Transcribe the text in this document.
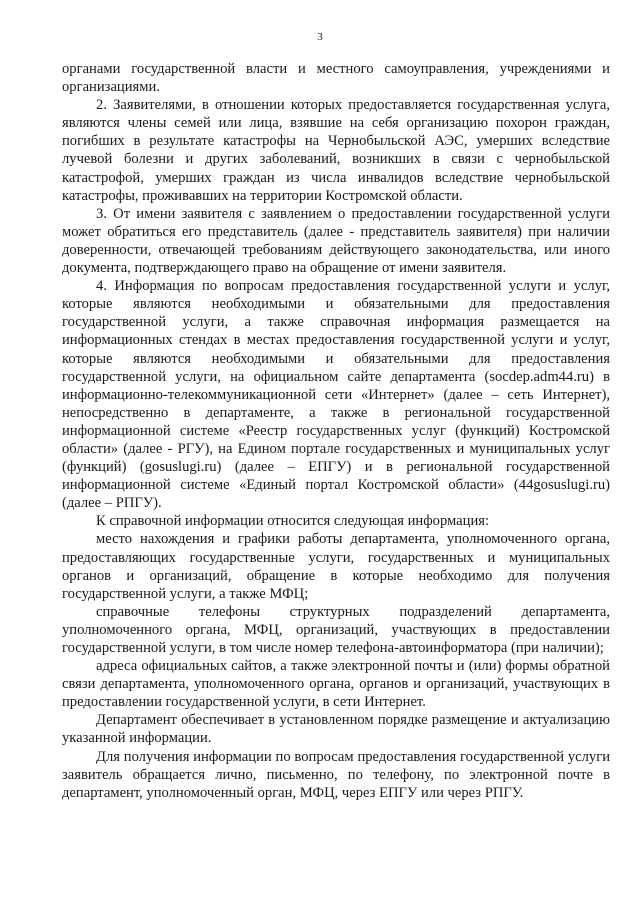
3

органами государственной власти и местного самоуправления, учреждениями и организациями.

2. Заявителями, в отношении которых предоставляется государственная услуга, являются члены семей или лица, взявшие на себя организацию похорон граждан, погибших в результате катастрофы на Чернобыльской АЭС, умерших вследствие лучевой болезни и других заболеваний, возникших в связи с чернобыльской катастрофой, умерших граждан из числа инвалидов вследствие чернобыльской катастрофы, проживавших на территории Костромской области.

3. От имени заявителя с заявлением о предоставлении государственной услуги может обратиться его представитель (далее - представитель заявителя) при наличии доверенности, отвечающей требованиям действующего законодательства, или иного документа, подтверждающего право на обращение от имени заявителя.

4. Информация по вопросам предоставления государственной услуги и услуг, которые являются необходимыми и обязательными для предоставления государственной услуги, а также справочная информация размещается на информационных стендах в местах предоставления государственной услуги и услуг, которые являются необходимыми и обязательными для предоставления государственной услуги, на официальном сайте департамента (socdep.adm44.ru) в информационно-телекоммуникационной сети «Интернет» (далее – сеть Интернет), непосредственно в департаменте, а также в региональной государственной информационной системе «Реестр государственных услуг (функций) Костромской области» (далее - РГУ), на Едином портале государственных и муниципальных услуг (функций) (gosuslugi.ru) (далее – ЕПГУ) и в региональной государственной информационной системе «Единый портал Костромской области» (44gosuslugi.ru) (далее – РПГУ).

К справочной информации относится следующая информация:

место нахождения и графики работы департамента, уполномоченного органа, предоставляющих государственные услуги, государственных и муниципальных органов и организаций, обращение в которые необходимо для получения государственной услуги, а также МФЦ;

справочные телефоны структурных подразделений департамента, уполномоченного органа, МФЦ, организаций, участвующих в предоставлении государственной услуги, в том числе номер телефона-автоинформатора (при наличии);

адреса официальных сайтов, а также электронной почты и (или) формы обратной связи департамента, уполномоченного органа, органов и организаций, участвующих в предоставлении государственной услуги, в сети Интернет.

Департамент обеспечивает в установленном порядке размещение и актуализацию указанной информации.

Для получения информации по вопросам предоставления государственной услуги заявитель обращается лично, письменно, по телефону, по электронной почте в департамент, уполномоченный орган, МФЦ, через ЕПГУ или через РПГУ.
